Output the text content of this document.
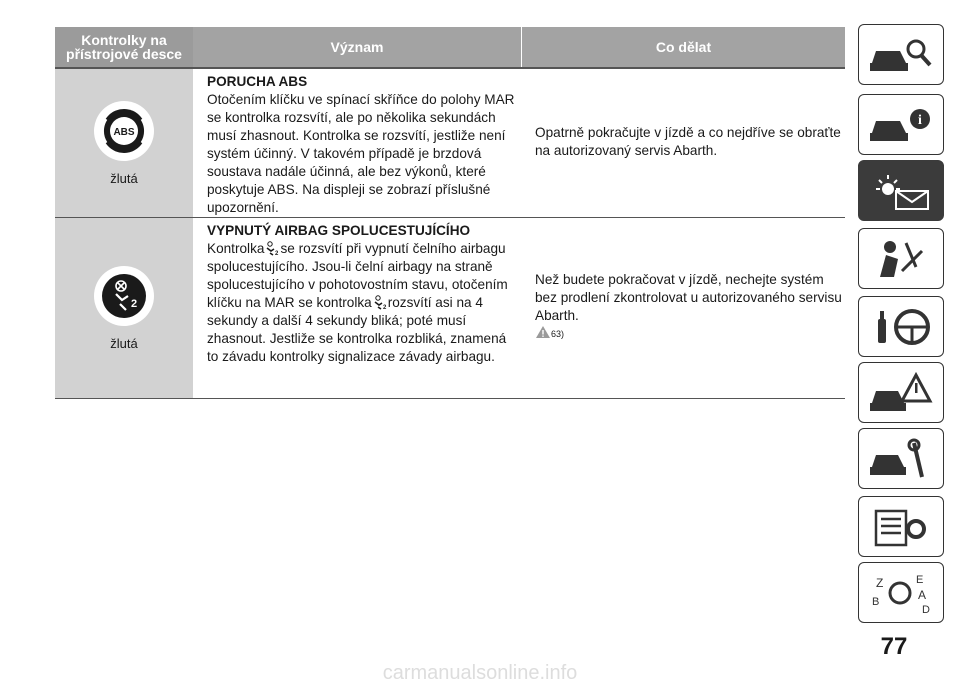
Kontrolky na přístrojové desce	Význam	Co dělat
ABS
žlutá
PORUCHA ABS
Otočením klíčku ve spínací skříňce do polohy MAR se kontrolka rozsvítí, ale po několika sekundách musí zhasnout. Kontrolka se rozsvítí, jestliže není systém účinný. V takovém případě je brzdová soustava nadále účinná, ale bez výkonů, které poskytuje ABS. Na displeji se zobrazí příslušné upozornění.
Opatrně pokračujte v jízdě a co nejdříve se obraťte na autorizovaný servis Abarth.
2
žlutá
VYPNUTÝ AIRBAG SPOLUCESTUJÍCÍHO
Kontrolka 2 se rozsvítí při vypnutí čelního airbagu spolucestujícího. Jsou-li čelní airbagy na straně spolucestujícího v pohotovostním stavu, otočením klíčku na MAR se kontrolka 2 rozsvítí asi na 4 sekundy a další 4 sekundy bliká; poté musí zhasnout. Jestliže se kontrolka rozbliká, znamená to závadu kontrolky signalizace závady airbagu.
Než budete pokračovat v jízdě, nechejte systém bez prodlení zkontrolovat u autorizovaného servisu Abarth.
$^{63)}$
i
Z
B
E
A
D
77
carmanualsonline.info
